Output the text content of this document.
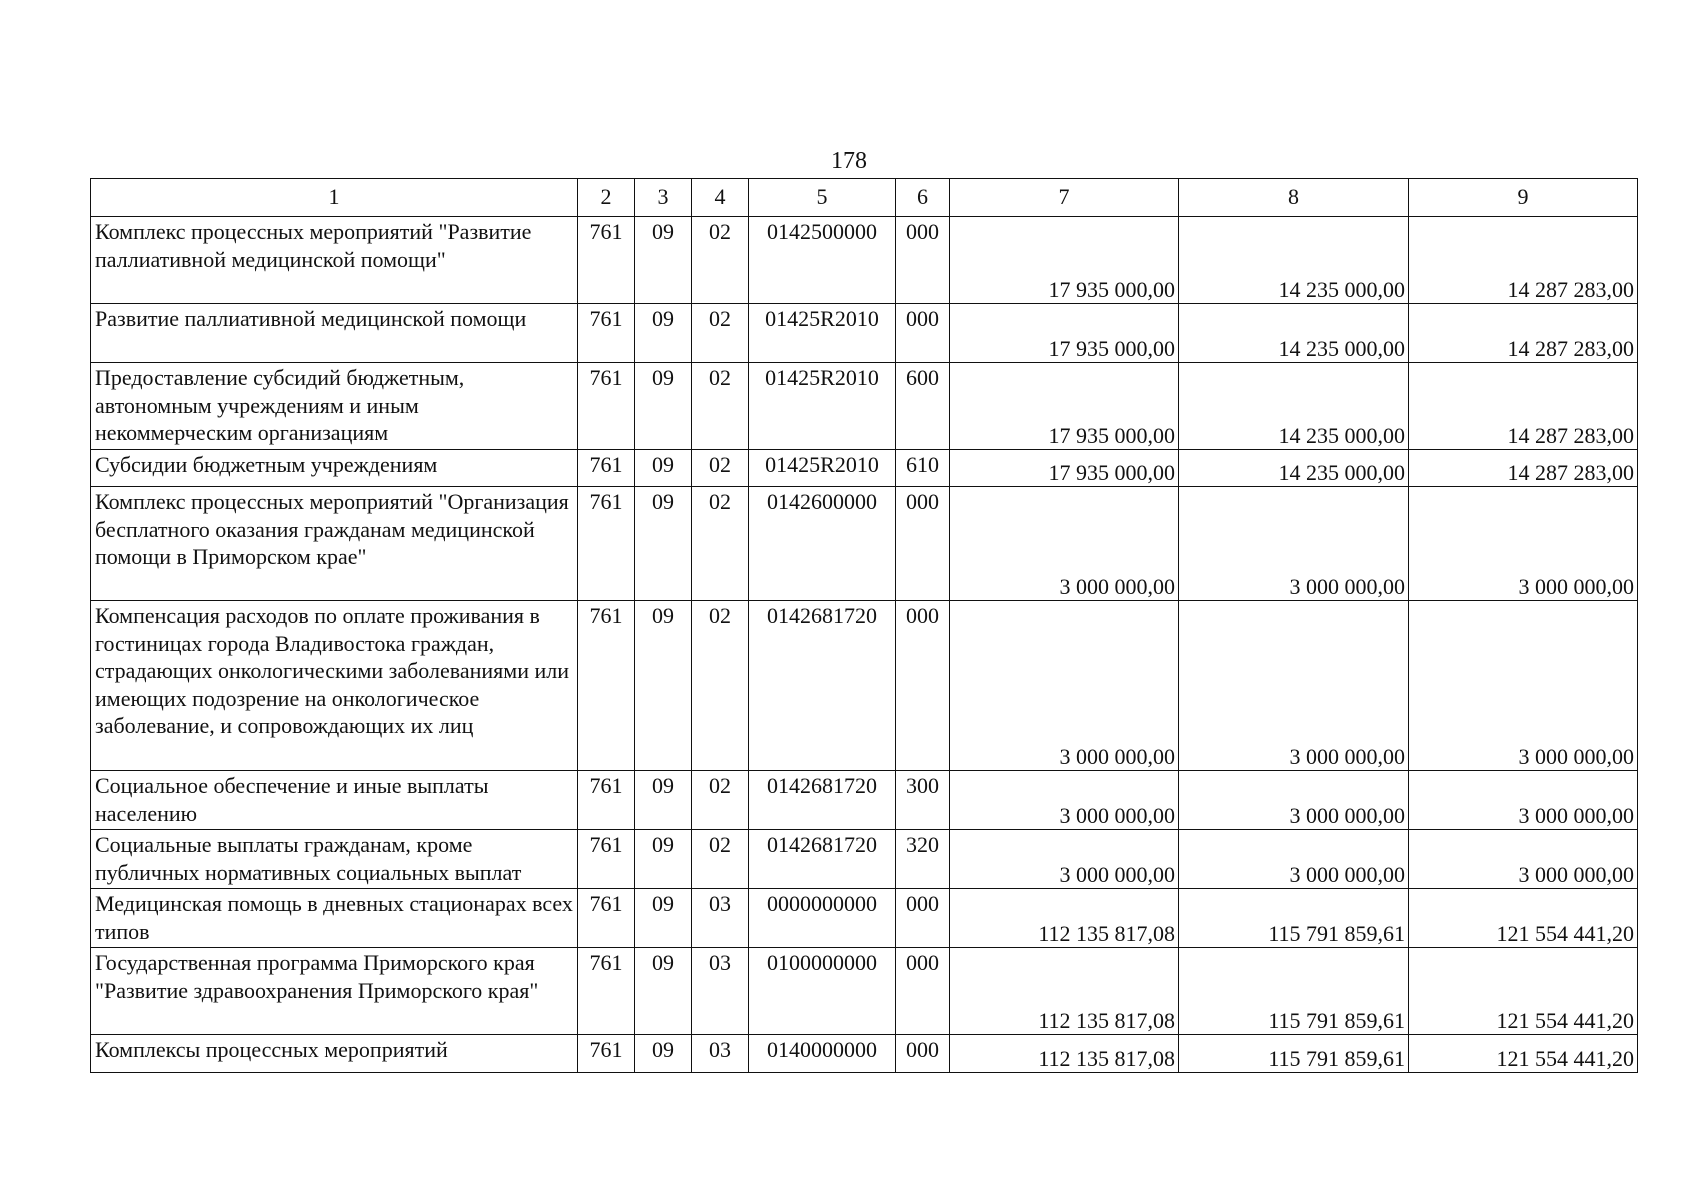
178
1	2	3	4	5	6	7	8	9
Комплекс процессных мероприятий "Развитие паллиативной медицинской помощи"	761	09	02	0142500000	000	17 935 000,00	14 235 000,00	14 287 283,00
Развитие паллиативной медицинской помощи	761	09	02	01425R2010	000	17 935 000,00	14 235 000,00	14 287 283,00
Предоставление субсидий бюджетным, автономным учреждениям и иным некоммерческим организациям	761	09	02	01425R2010	600	17 935 000,00	14 235 000,00	14 287 283,00
Субсидии бюджетным учреждениям	761	09	02	01425R2010	610	17 935 000,00	14 235 000,00	14 287 283,00
Комплекс процессных мероприятий "Организация бесплатного оказания гражданам медицинской помощи в Приморском крае"	761	09	02	0142600000	000	3 000 000,00	3 000 000,00	3 000 000,00
Компенсация расходов по оплате проживания в гостиницах города Владивостока граждан, страдающих онкологическими заболеваниями или имеющих подозрение на онкологическое заболевание, и сопровождающих их лиц	761	09	02	0142681720	000	3 000 000,00	3 000 000,00	3 000 000,00
Социальное обеспечение и иные выплаты населению	761	09	02	0142681720	300	3 000 000,00	3 000 000,00	3 000 000,00
Социальные выплаты гражданам, кроме публичных нормативных социальных выплат	761	09	02	0142681720	320	3 000 000,00	3 000 000,00	3 000 000,00
Медицинская помощь в дневных стационарах всех типов	761	09	03	0000000000	000	112 135 817,08	115 791 859,61	121 554 441,20
Государственная программа Приморского края "Развитие здравоохранения Приморского края"	761	09	03	0100000000	000	112 135 817,08	115 791 859,61	121 554 441,20
Комплексы процессных мероприятий	761	09	03	0140000000	000	112 135 817,08	115 791 859,61	121 554 441,20
